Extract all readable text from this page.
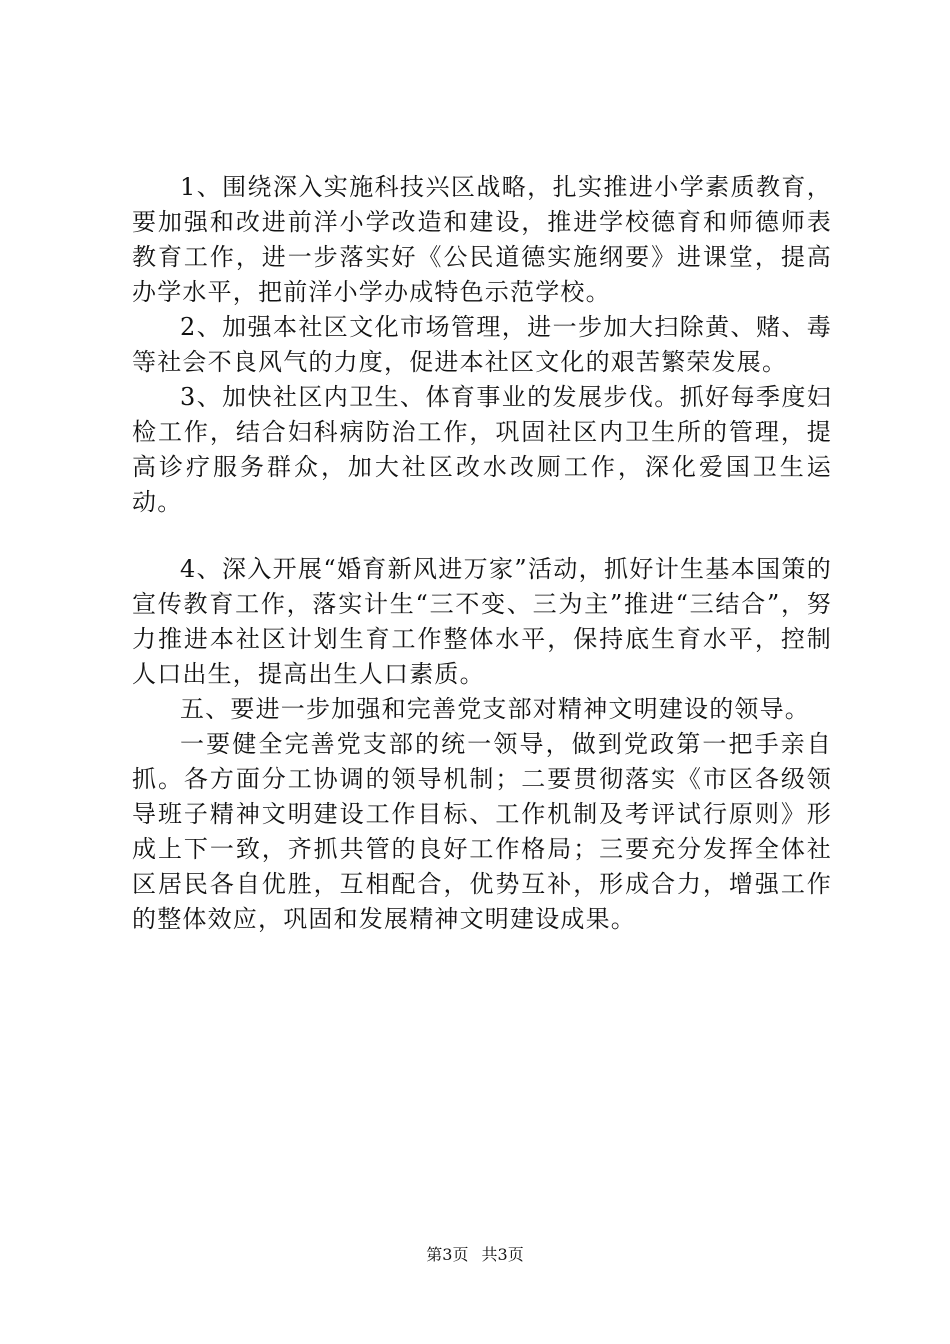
1、围绕深入实施科技兴区战略，扎实推进小学素质教育，要加强和改进前洋小学改造和建设，推进学校德育和师德师表教育工作，进一步落实好《公民道德实施纲要》进课堂，提高办学水平，把前洋小学办成特色示范学校。

2、加强本社区文化市场管理，进一步加大扫除黄、赌、毒等社会不良风气的力度，促进本社区文化的艰苦繁荣发展。

3、加快社区内卫生、体育事业的发展步伐。抓好每季度妇检工作，结合妇科病防治工作，巩固社区内卫生所的管理，提高诊疗服务群众，加大社区改水改厕工作，深化爱国卫生运动。

4、深入开展“婚育新风进万家”活动，抓好计生基本国策的宣传教育工作，落实计生“三不变、三为主”推进“三结合”，努力推进本社区计划生育工作整体水平，保持底生育水平，控制人口出生，提高出生人口素质。

五、要进一步加强和完善党支部对精神文明建设的领导。

一要健全完善党支部的统一领导，做到党政第一把手亲自抓。各方面分工协调的领导机制；二要贯彻落实《市区各级领导班子精神文明建设工作目标、工作机制及考评试行原则》形成上下一致，齐抓共管的良好工作格局；三要充分发挥全体社区居民各自优胜，互相配合，优势互补，形成合力，增强工作的整体效应，巩固和发展精神文明建设成果。

第3页 共3页
